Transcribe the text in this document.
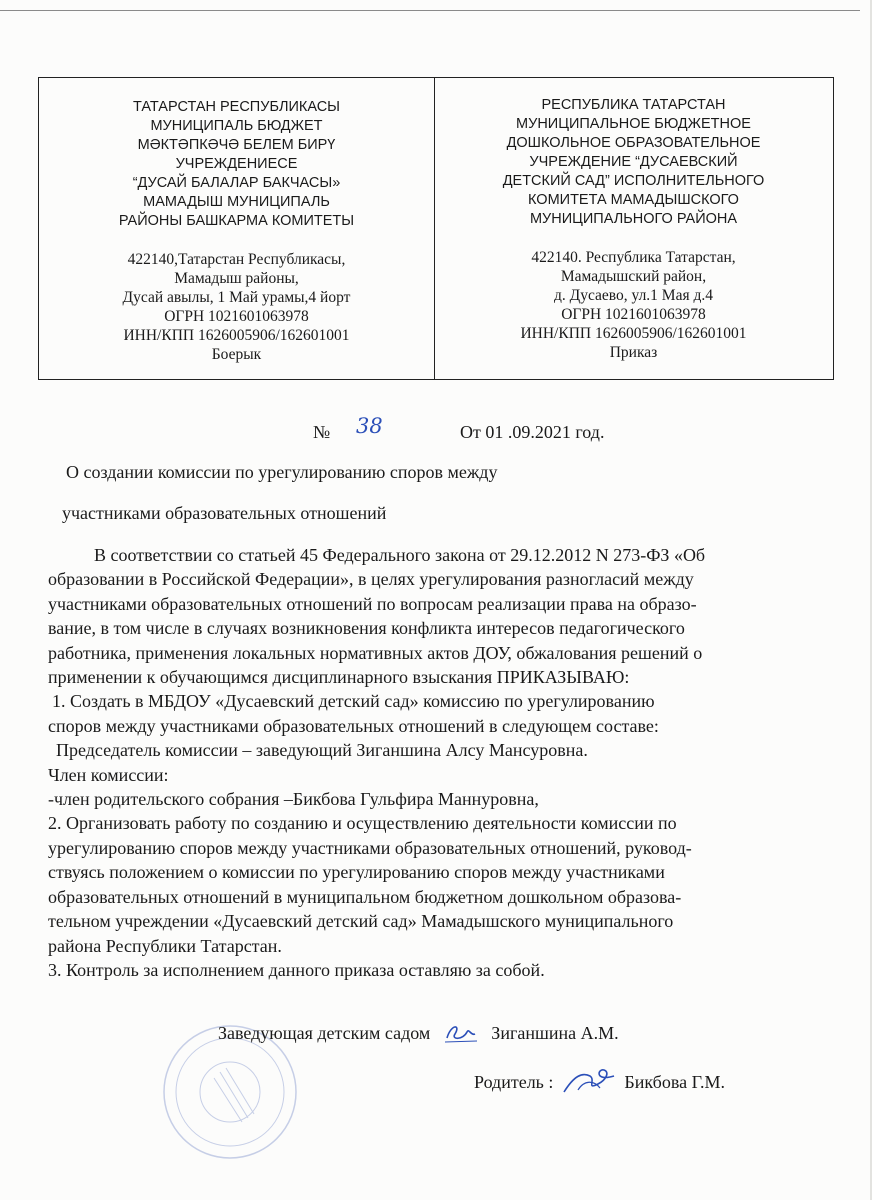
ТАТАРСТАН РЕСПУБЛИКАСЫ
МУНИЦИПАЛЬ БЮДЖЕТ
МӘКТӘПКӘЧӘ БЕЛЕМ БИРҮ
УЧРЕЖДЕНИЕСЕ
“ДУСАЙ БАЛАЛАР БАКЧАСЫ»
МАМАДЫШ МУНИЦИПАЛЬ
РАЙОНЫ БАШКАРМА КОМИТЕТЫ
422140,Татарстан Республикасы,
Мамадыш районы,
Дусай авылы, 1 Май урамы,4 йорт
ОГРН 1021601063978
ИНН/КПП 1626005906/162601001
Боерык
РЕСПУБЛИКА ТАТАРСТАН
МУНИЦИПАЛЬНОЕ БЮДЖЕТНОЕ
ДОШКОЛЬНОЕ ОБРАЗОВАТЕЛЬНОЕ
УЧРЕЖДЕНИЕ “ДУСАЕВСКИЙ
ДЕТСКИЙ САД” ИСПОЛНИТЕЛЬНОГО
КОМИТЕТА МАМАДЫШСКОГО
МУНИЦИПАЛЬНОГО РАЙОНА
422140. Республика Татарстан,
Мамадышский район,
д. Дусаево, ул.1 Мая д.4
ОГРН 1021601063978
ИНН/КПП 1626005906/162601001
Приказ
№ 38	От 01 .09.2021 год.
О создании комиссии по урегулированию споров между
участниками образовательных отношений

В соответствии со статьей 45 Федерального закона от 29.12.2012 N 273-ФЗ «Об

образовании в Российской Федерации», в целях урегулирования разногласий между

участниками образовательных отношений по вопросам реализации права на образо-

вание, в том числе в случаях возникновения конфликта интересов педагогического

работника, применения локальных нормативных актов ДОУ, обжалования решений о

применении к обучающимся дисциплинарного взыскания ПРИКАЗЫВАЮ:

1. Создать в МБДОУ «Дусаевский детский сад» комиссию по урегулированию

споров между участниками образовательных отношений в следующем составе:

Председатель комиссии – заведующий Зиганшина Алсу Мансуровна.

Член комиссии:

-член родительского собрания –Бикбова Гульфира Маннуровна,

2. Организовать работу по созданию и осуществлению деятельности комиссии по

урегулированию споров между участниками образовательных отношений, руковод-

ствуясь положением о комиссии по урегулированию споров между участниками

образовательных отношений в муниципальном бюджетном дошкольном образова-

тельном учреждении «Дусаевский детский сад» Мамадышского муниципального

района Республики Татарстан.

3. Контроль за исполнением данного приказа оставляю за собой.

Заведующая детским садом	Зиганшина А.М.
Родитель :	Бикбова Г.М.
